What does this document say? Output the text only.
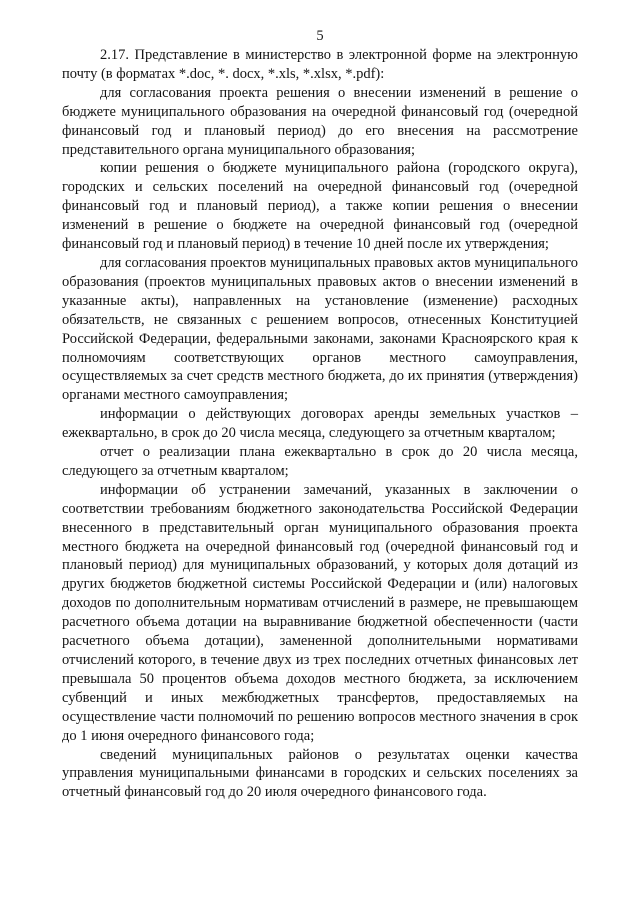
5

2.17. Представление в министерство в электронной форме на электронную почту (в форматах *.doc, *. docx, *.xls, *.xlsx, *.pdf):

для согласования проекта решения о внесении изменений в решение о бюджете муниципального образования на очередной финансовый год (очередной финансовый год и плановый период) до его внесения на рассмотрение представительного органа муниципального образования;

копии решения о бюджете муниципального района (городского округа), городских и сельских поселений на очередной финансовый год (очередной финансовый год и плановый период), а также копии решения о внесении изменений в решение о бюджете на очередной финансовый год (очередной финансовый год и плановый период) в течение 10 дней после их утверждения;

для согласования проектов муниципальных правовых актов муниципального образования (проектов муниципальных правовых актов о внесении изменений в указанные акты), направленных на установление (изменение) расходных обязательств, не связанных с решением вопросов, отнесенных Конституцией Российской Федерации, федеральными законами, законами Красноярского края к полномочиям соответствующих органов местного самоуправления, осуществляемых за счет средств местного бюджета, до их принятия (утверждения) органами местного самоуправления;

информации о действующих договорах аренды земельных участков – ежеквартально, в срок до 20 числа месяца, следующего за отчетным кварталом;

отчет о реализации плана ежеквартально в срок до 20 числа месяца, следующего за отчетным кварталом;

информации об устранении замечаний, указанных в заключении о соответствии требованиям бюджетного законодательства Российской Федерации внесенного в представительный орган муниципального образования проекта местного бюджета на очередной финансовый год (очередной финансовый год и плановый период) для муниципальных образований, у которых доля дотаций из других бюджетов бюджетной системы Российской Федерации и (или) налоговых доходов по дополнительным нормативам отчислений в размере, не превышающем расчетного объема дотации на выравнивание бюджетной обеспеченности (части расчетного объема дотации), замененной дополнительными нормативами отчислений которого, в течение двух из трех последних отчетных финансовых лет превышала 50 процентов объема доходов местного бюджета, за исключением субвенций и иных межбюджетных трансфертов, предоставляемых на осуществление части полномочий по решению вопросов местного значения в срок до 1 июня очередного финансового года;

сведений муниципальных районов о результатах оценки качества управления муниципальными финансами в городских и сельских поселениях за отчетный финансовый год до 20 июля очередного финансового года.
